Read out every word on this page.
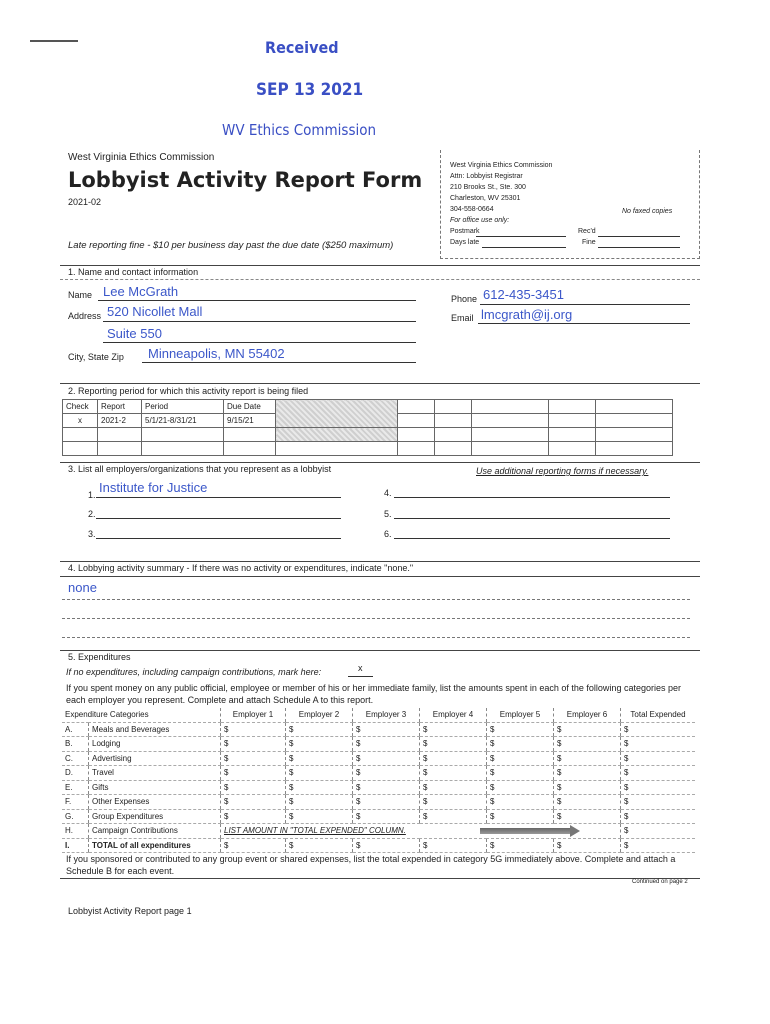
Received
SEP 13 2021
WV Ethics Commission
West Virginia Ethics Commission
Lobbyist Activity Report Form
2021-02
Late reporting fine - $10 per business day past the due date ($250 maximum)
West Virginia Ethics Commission
Attn: Lobbyist Registrar
210 Brooks St., Ste. 300
Charleston, WV 25301
304-558-0664
For office use only:
No faxed copies
Postmark	Rec'd
Days late	Fine
1. Name and contact information
Name Lee McGrath
Address 520 Nicollet Mall
Suite 550
City, State Zip Minneapolis, MN 55402
Phone 612-435-3451
Email lmcgrath@ij.org
2. Reporting period for which this activity report is being filed
Check	Report	Period	Due Date						
x	2021-2	5/1/21-8/31/21	9/15/21						

3. List all employers/organizations that you represent as a lobbyist	Use additional reporting forms if necessary.
1. Institute for Justice
2.
3.
4.
5.
6.
4. Lobbying activity summary - If there was no activity or expenditures, indicate "none."
none
5. Expenditures
If no expenditures, including campaign contributions, mark here:	x
If you spent money on any public official, employee or member of his or her immediate family, list the amounts spent in each of the following categories per each employer you represent. Complete and attach Schedule A to this report.
Expenditure Categories		Employer 1	Employer 2	Employer 3	Employer 4	Employer 5	Employer 6	Total Expended
A.	Meals and Beverages	$	$	$	$	$	$	$
B.	Lodging	$	$	$	$	$	$	$
C.	Advertising	$	$	$	$	$	$	$
D.	Travel	$	$	$	$	$	$	$
E.	Gifts	$	$	$	$	$	$	$
F.	Other Expenses	$	$	$	$	$	$	$
G.	Group Expenditures	$	$	$	$	$	$	$
H.	Campaign Contributions	LIST AMOUNT IN "TOTAL EXPENDED" COLUMN.						$
I.	TOTAL of all expenditures	$	$	$	$	$	$	$
If you sponsored or contributed to any group event or shared expenses, list the total expended in category 5G immediately above. Complete and attach a Schedule B for each event.
Continued on page 2
Lobbyist Activity Report page 1
